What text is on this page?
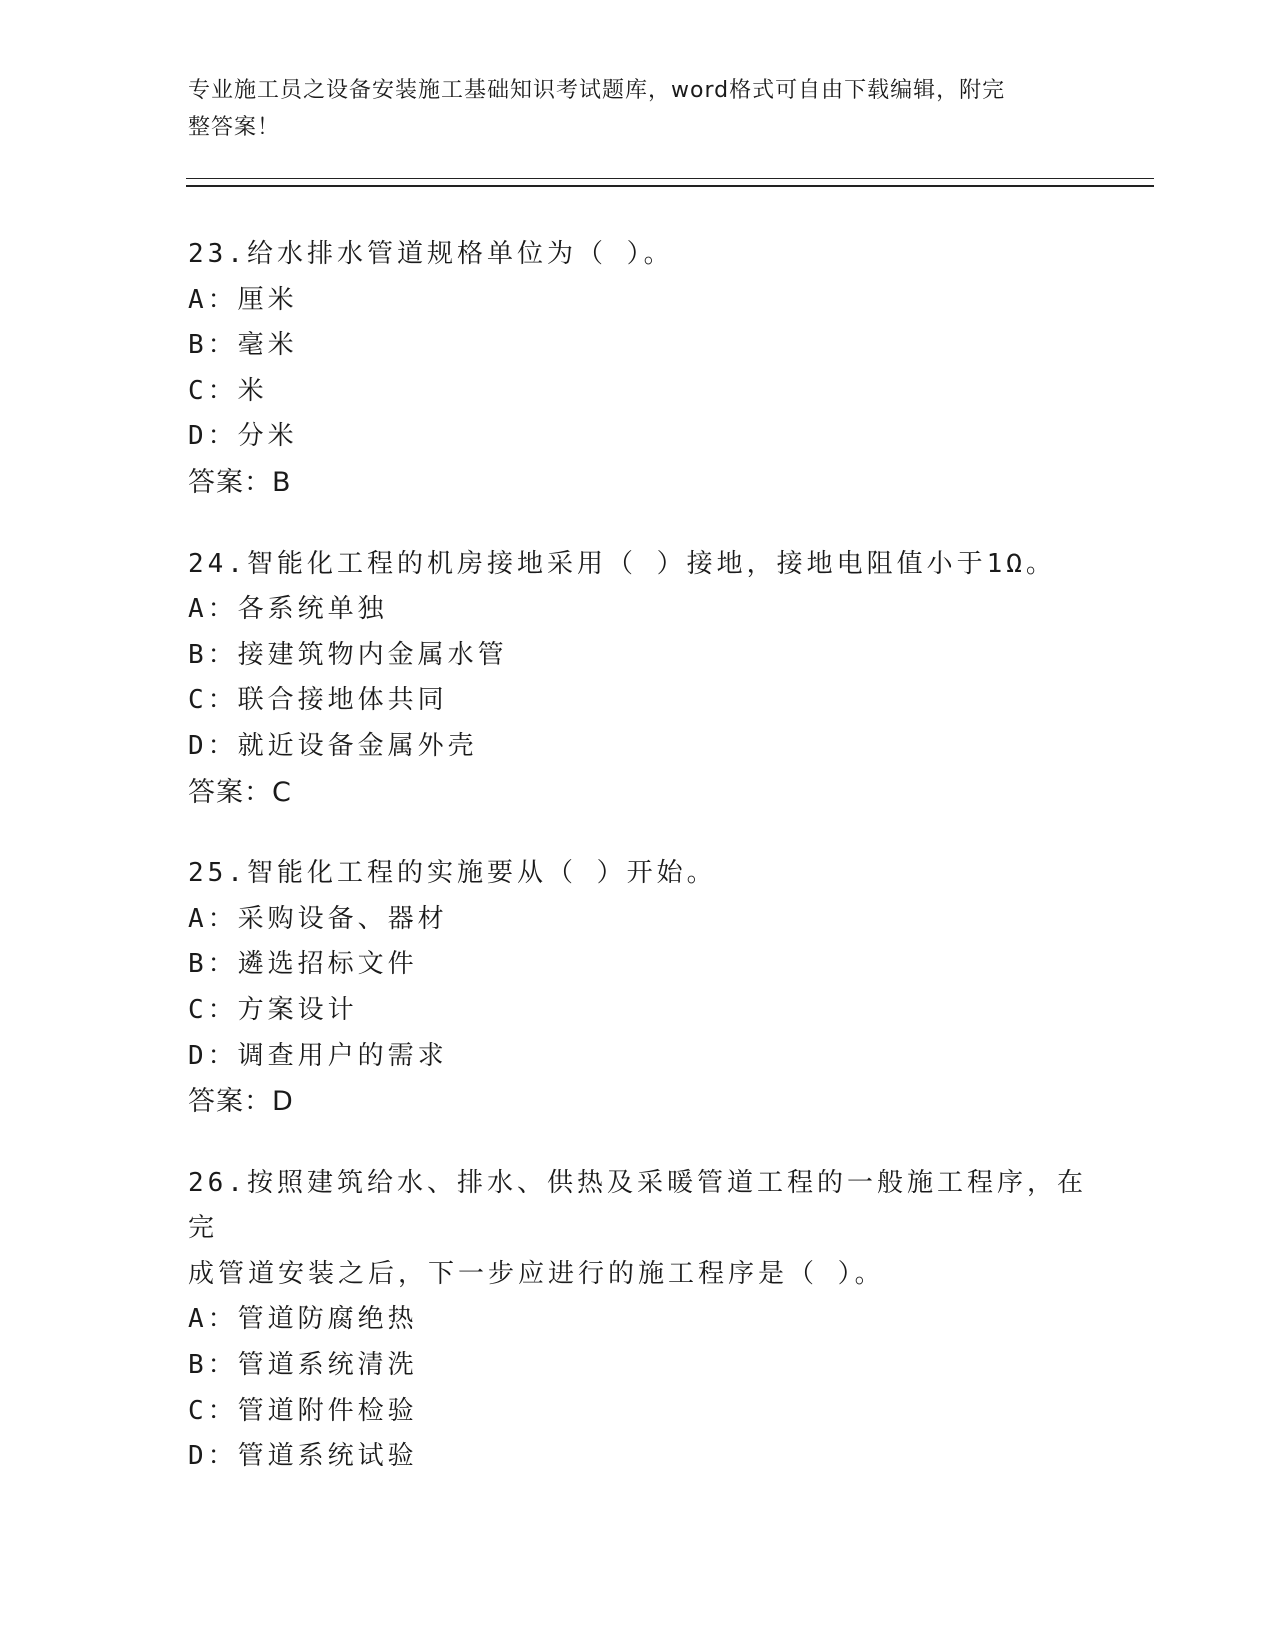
专业施工员之设备安装施工基础知识考试题库，word格式可自由下载编辑，附完
整答案！
23.给水排水管道规格单位为（ ）。
A：厘米
B：毫米
C：米
D：分米
答案：B
24.智能化工程的机房接地采用（ ）接地，接地电阻值小于1Ω。
A：各系统单独
B：接建筑物内金属水管
C：联合接地体共同
D：就近设备金属外壳
答案：C
25.智能化工程的实施要从（ ）开始。
A：采购设备、器材
B：遴选招标文件
C：方案设计
D：调查用户的需求
答案：D
26.按照建筑给水、排水、供热及采暖管道工程的一般施工程序，在完
成管道安装之后，下一步应进行的施工程序是（ ）。
A：管道防腐绝热
B：管道系统清洗
C：管道附件检验
D：管道系统试验
